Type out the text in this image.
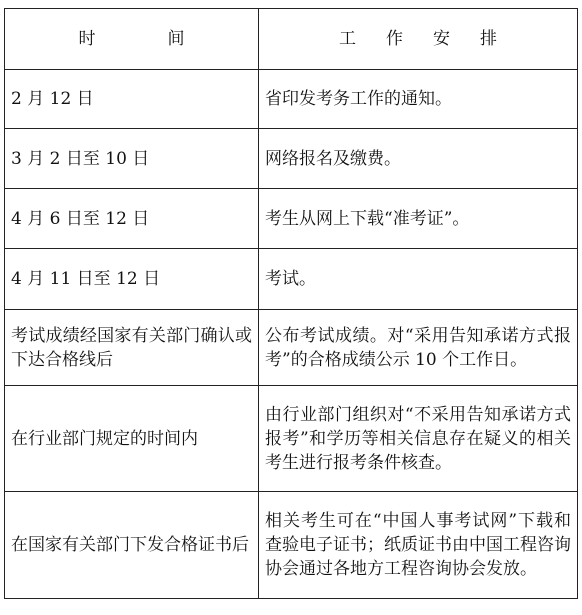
时间	工作安排
2 月 12 日	省印发考务工作的通知。
3 月 2 日至 10 日	网络报名及缴费。
4 月 6 日至 12 日	考生从网上下载“准考证”。
4 月 11 日至 12 日	考试。
考试成绩经国家有关部门确认或下达合格线后	公布考试成绩。对“采用告知承诺方式报考”的合格成绩公示 10 个工作日。
在行业部门规定的时间内	由行业部门组织对“不采用告知承诺方式报考”和学历等相关信息存在疑义的相关考生进行报考条件核查。
在国家有关部门下发合格证书后	相关考生可在“中国人事考试网”下载和查验电子证书；纸质证书由中国工程咨询协会通过各地方工程咨询协会发放。
